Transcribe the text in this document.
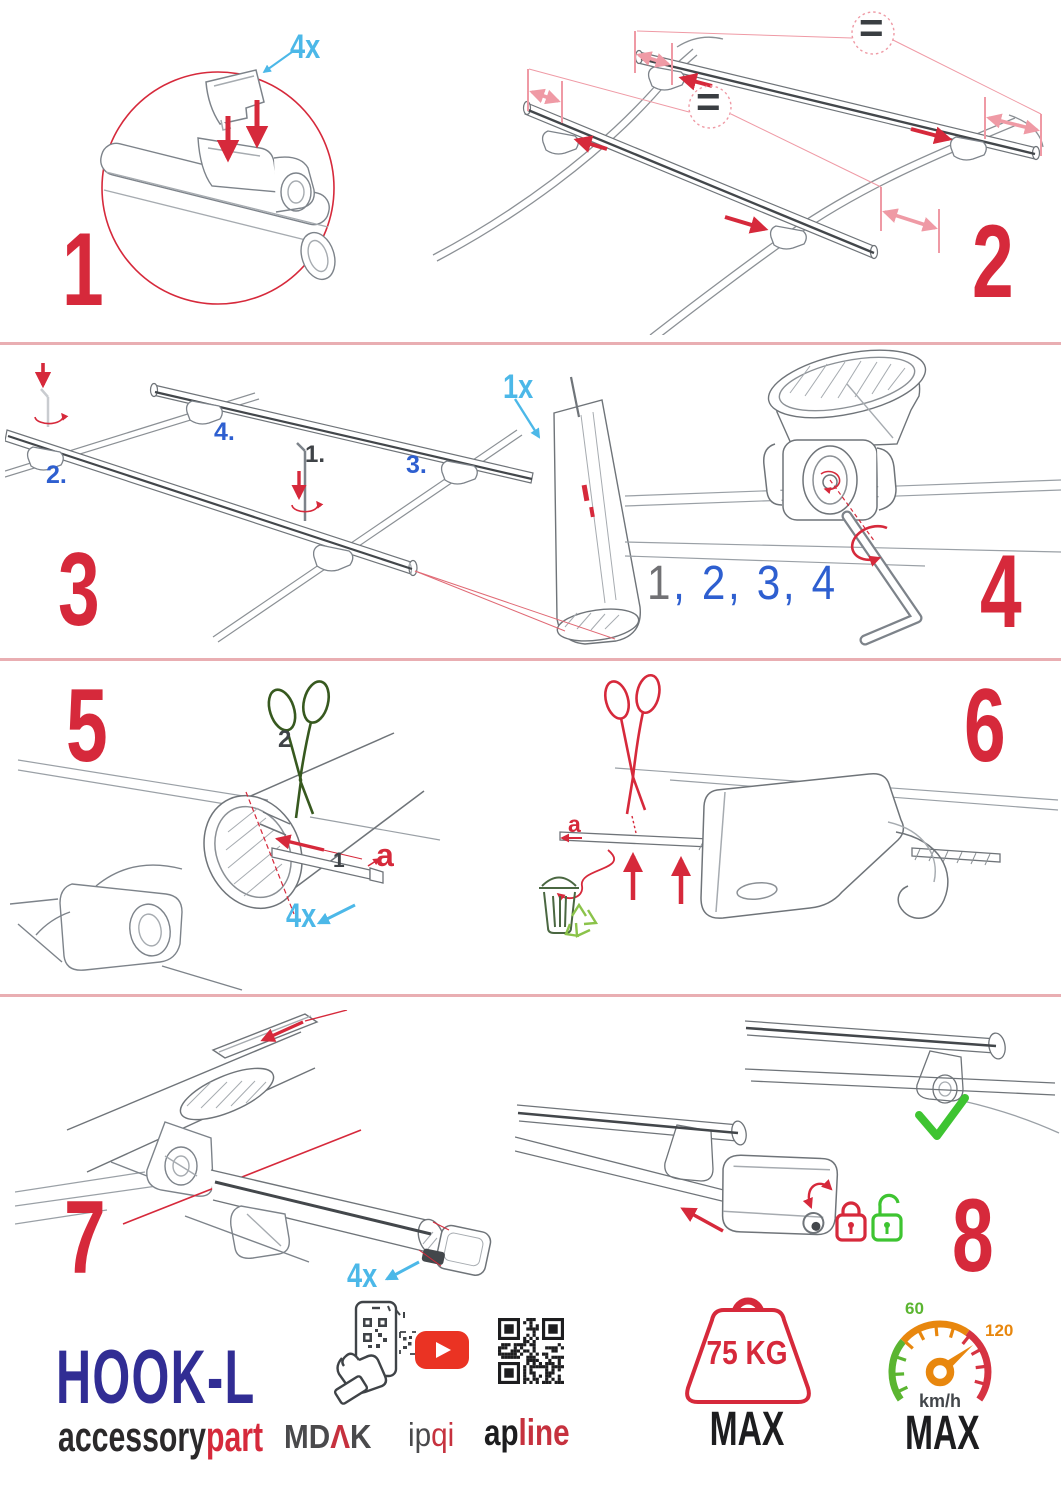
4x
1
=
=
2
1x
1.
2.	3.
4.
3	1, 2, 3, 4 4
2
1 a
4x
5
a
6
4x
7	8
HOOK-L
accessorypart MDΛK ipqi apline
75 KG
MAX
60
120
km/h
MAX
